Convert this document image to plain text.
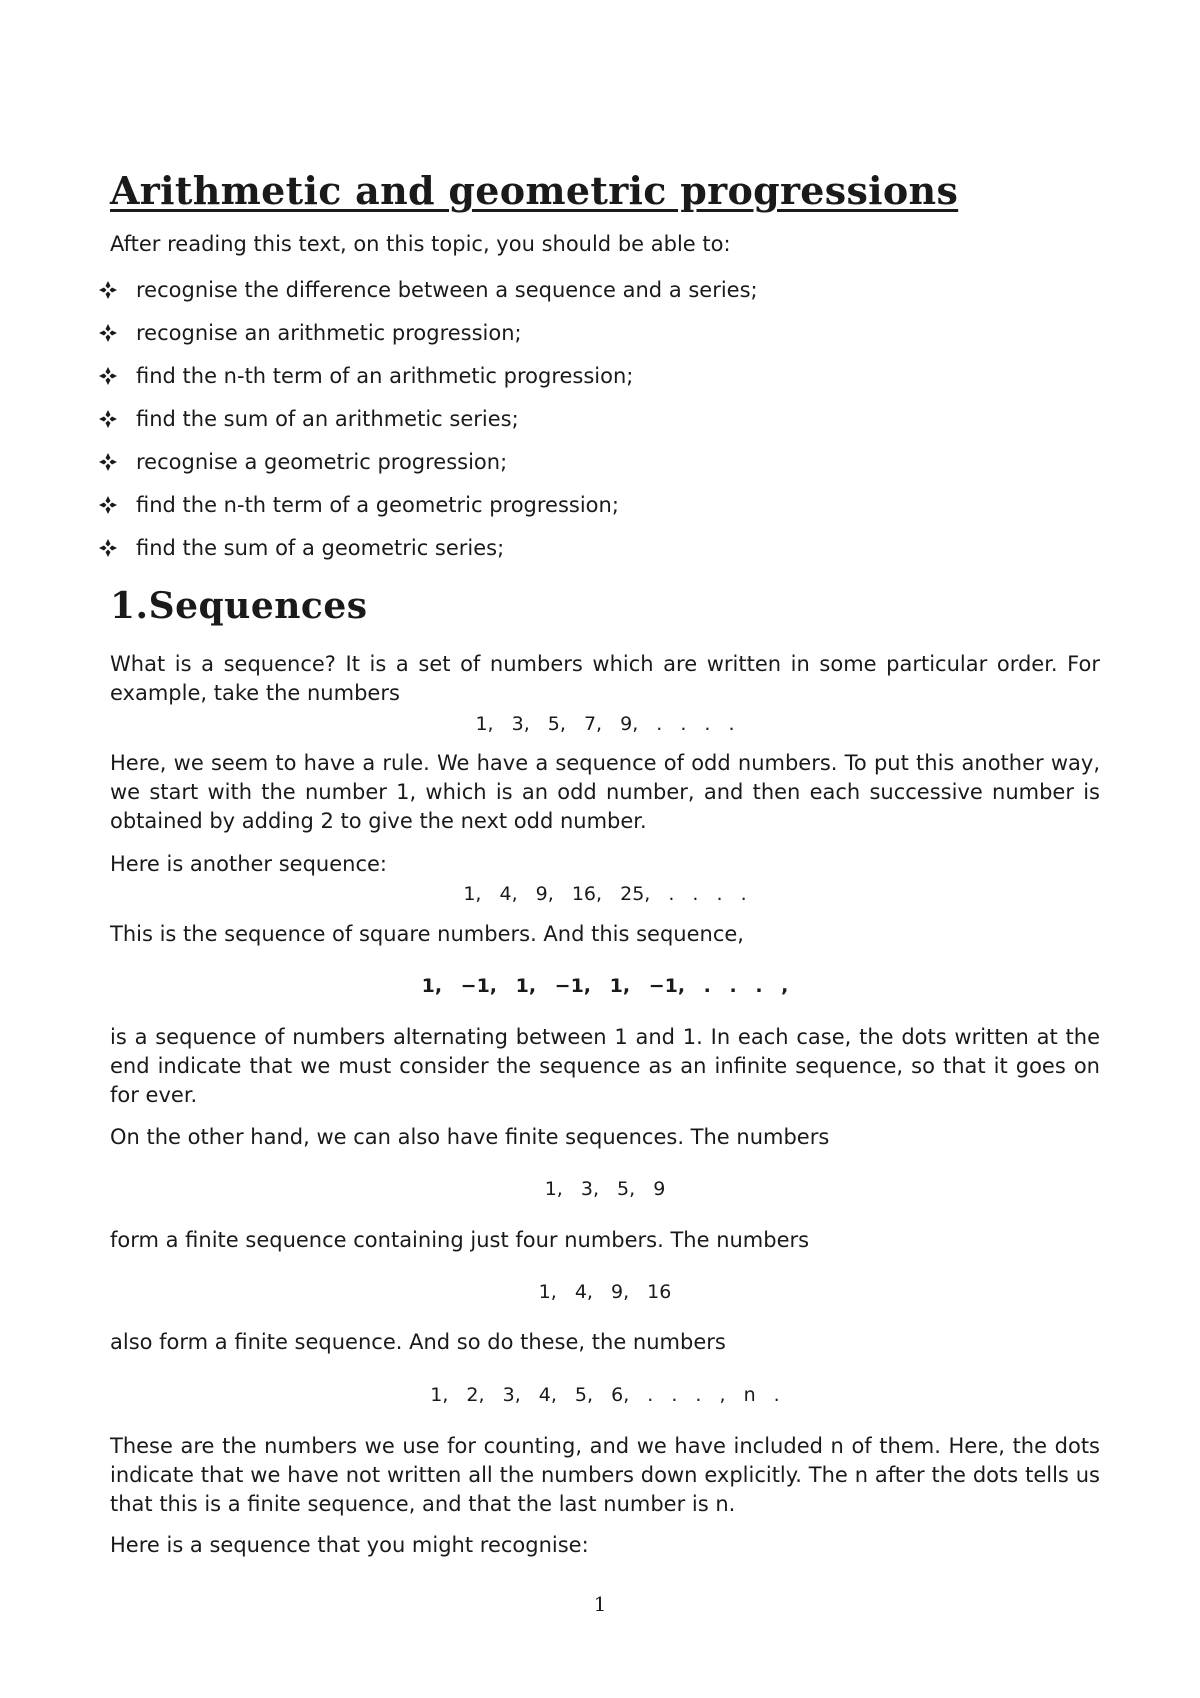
Arithmetic and geometric progressions

After reading this text, on this topic, you should be able to:

recognise the difference between a sequence and a series;
recognise an arithmetic progression;
find the n-th term of an arithmetic progression;
find the sum of an arithmetic series;
recognise a geometric progression;
find the n-th term of a geometric progression;
find the sum of a geometric series;
1.Sequences

What is a sequence? It is a set of numbers which are written in some particular order. For example, take the numbers

1, 3, 5, 7, 9, . . . .

Here, we seem to have a rule. We have a sequence of odd numbers. To put this another way, we start with the number 1, which is an odd number, and then each successive number is obtained by adding 2 to give the next odd number.

Here is another sequence:

1, 4, 9, 16, 25, . . . .

This is the sequence of square numbers. And this sequence,

1, −1, 1, −1, 1, −1, . . . ,

is a sequence of numbers alternating between 1 and 1. In each case, the dots written at the end indicate that we must consider the sequence as an infinite sequence, so that it goes on for ever.

On the other hand, we can also have finite sequences. The numbers

1, 3, 5, 9

form a finite sequence containing just four numbers. The numbers

1, 4, 9, 16

also form a finite sequence. And so do these, the numbers

1, 2, 3, 4, 5, 6, . . . , n .

These are the numbers we use for counting, and we have included n of them. Here, the dots indicate that we have not written all the numbers down explicitly. The n after the dots tells us that this is a finite sequence, and that the last number is n.

Here is a sequence that you might recognise:

1
